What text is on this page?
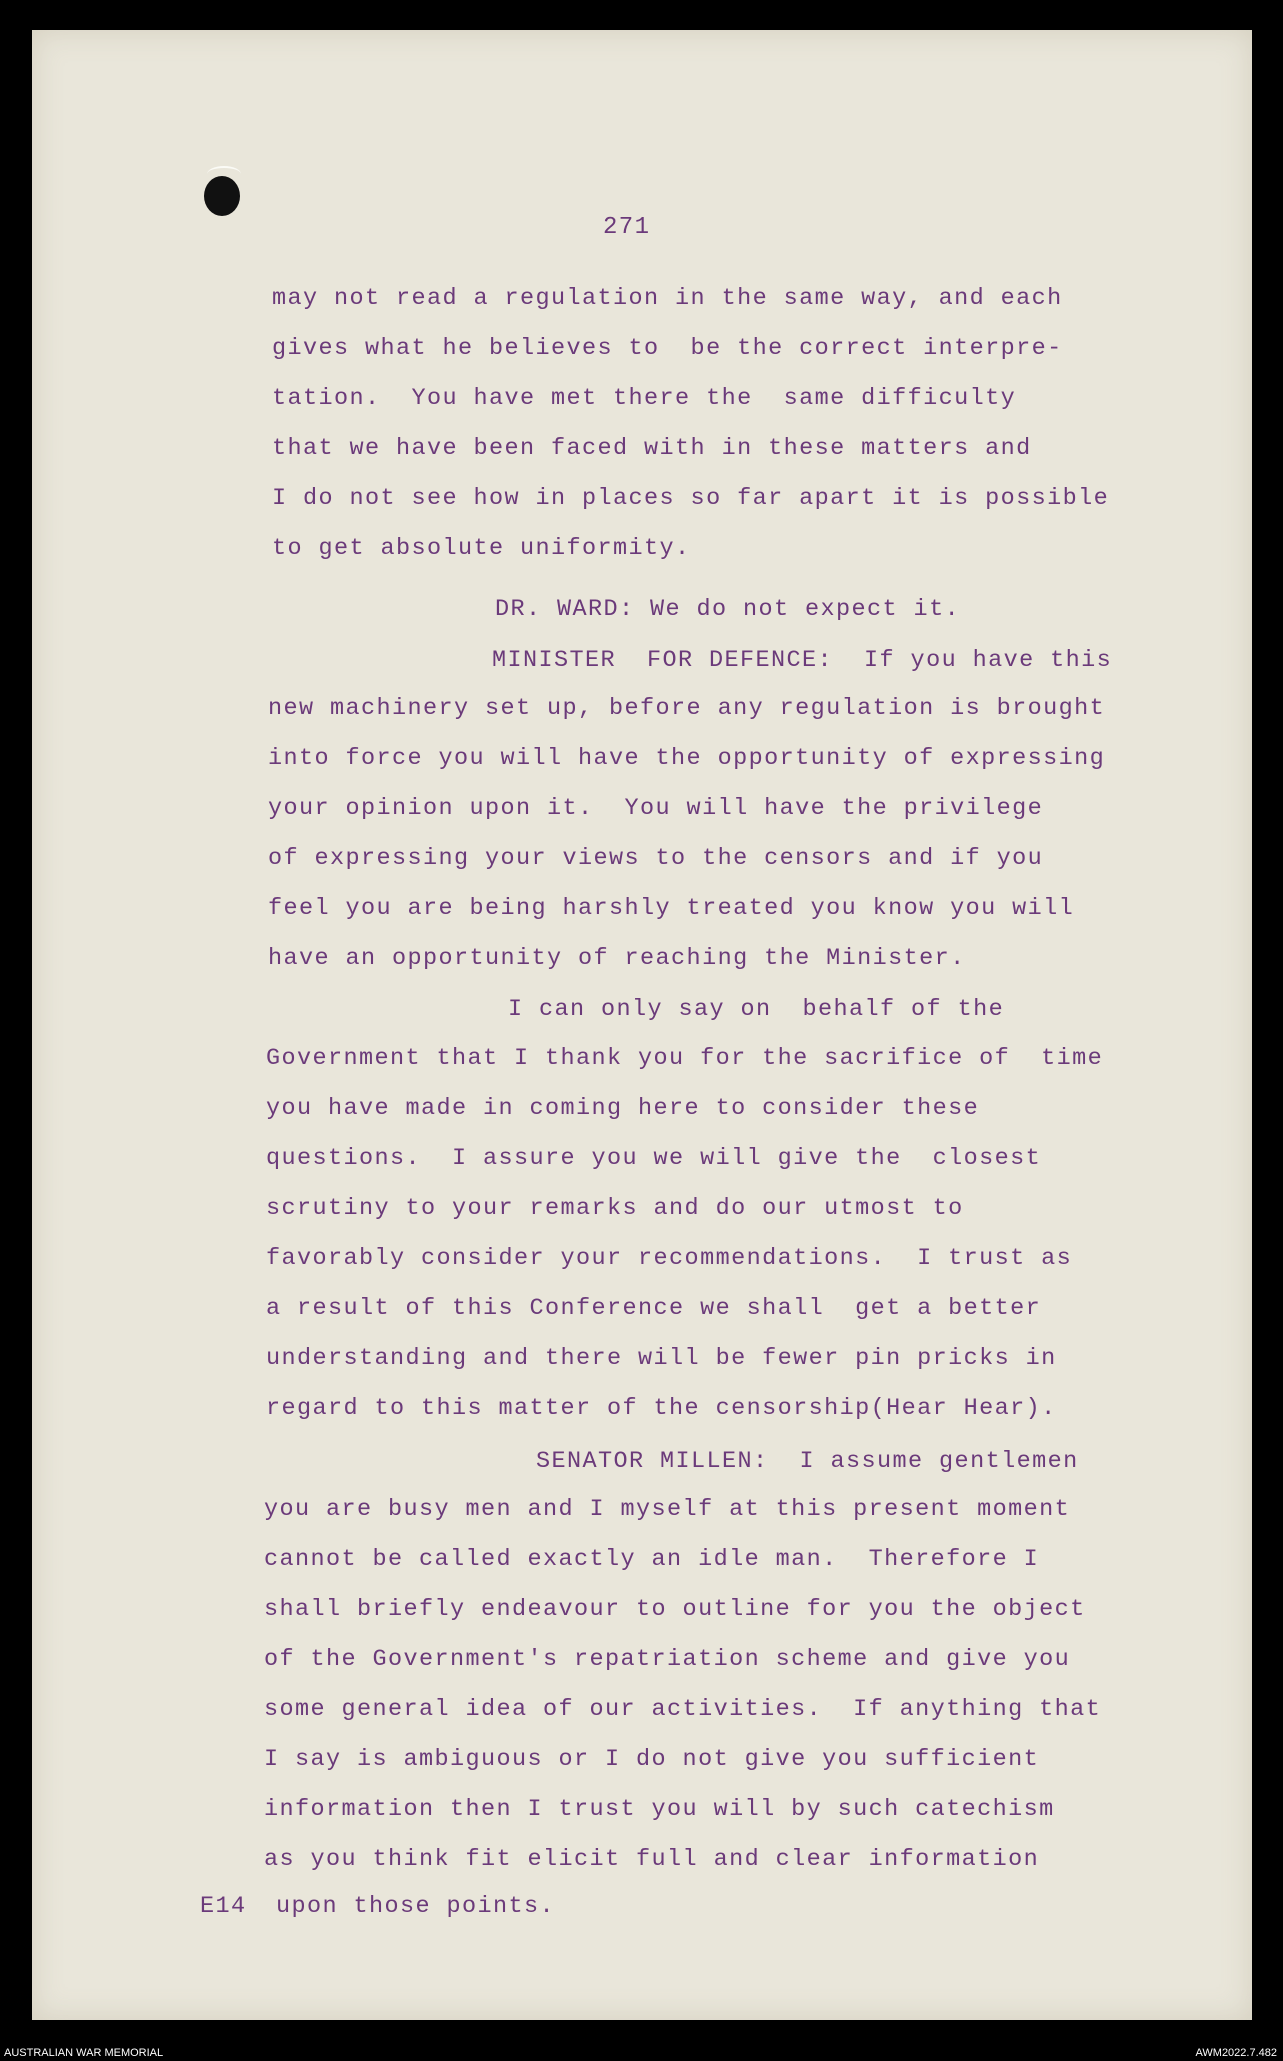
271
may not read a regulation in the same way, and each
gives what he believes to  be the correct interpre-
tation.  You have met there the  same difficulty
that we have been faced with in these matters and
I do not see how in places so far apart it is possible
to get absolute uniformity.
DR. WARD: We do not expect it.
MINISTER  FOR DEFENCE:  If you have this
new machinery set up, before any regulation is brought
into force you will have the opportunity of expressing
your opinion upon it.  You will have the privilege
of expressing your views to the censors and if you
feel you are being harshly treated you know you will
have an opportunity of reaching the Minister.
I can only say on  behalf of the
Government that I thank you for the sacrifice of  time
you have made in coming here to consider these
questions.  I assure you we will give the  closest
scrutiny to your remarks and do our utmost to
favorably consider your recommendations.  I trust as
a result of this Conference we shall  get a better
understanding and there will be fewer pin pricks in
regard to this matter of the censorship(Hear Hear).
SENATOR MILLEN:  I assume gentlemen
you are busy men and I myself at this present moment
cannot be called exactly an idle man.  Therefore I
shall briefly endeavour to outline for you the object
of the Government's repatriation scheme and give you
some general idea of our activities.  If anything that
I say is ambiguous or I do not give you sufficient
information then I trust you will by such catechism
as you think fit elicit full and clear information
E14 upon those points.
AUSTRALIAN WAR MEMORIAL	AWM2022.7.482
